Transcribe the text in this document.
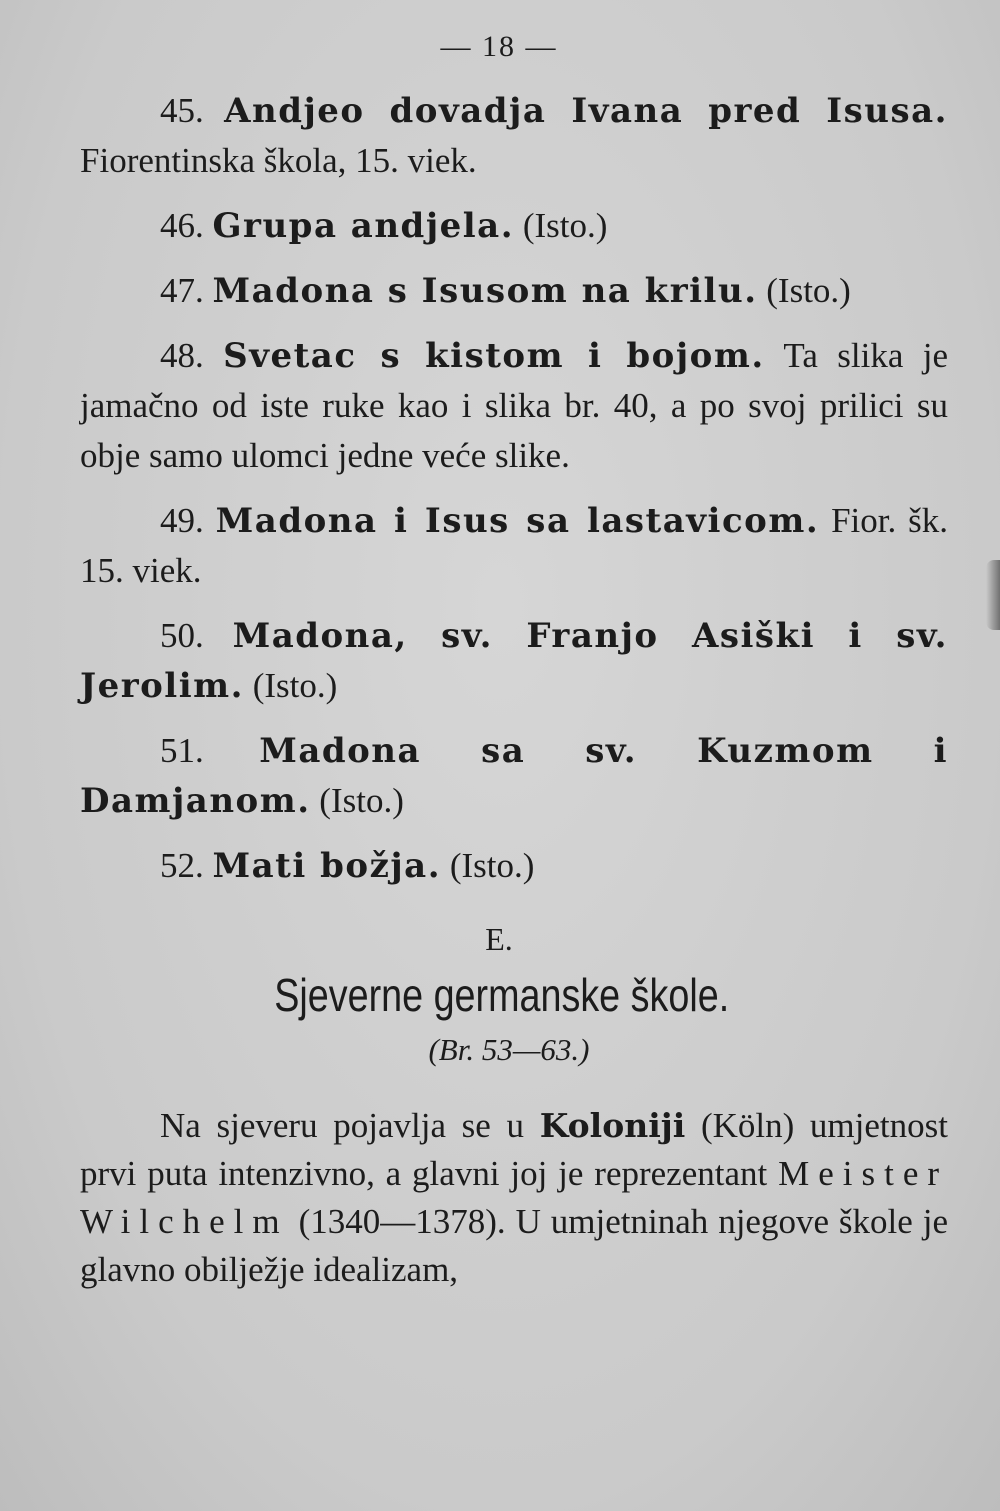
— 18 —

45. Andjeo dovadja Ivana pred Isusa. Fiorentinska škola, 15. viek.

46. Grupa andjela. (Isto.)

47. Madona s Isusom na krilu. (Isto.)

48. Svetac s kistom i bojom. Ta slika je jamačno od iste ruke kao i slika br. 40, a po svoj prilici su obje samo ulomci jedne veće slike.

49. Madona i Isus sa lastavicom. Fior. šk. 15. viek.

50. Madona, sv. Franjo Asiški i sv. Jerolim. (Isto.)

51. Madona sa sv. Kuzmom i Damjanom. (Isto.)

52. Mati božja. (Isto.)

E.
Sjeverne germanske škole.
(Br. 53—63.)

Na sjeveru pojavlja se u Koloniji (Köln) umjetnost prvi puta intenzivno, a glavni joj je reprezentant Meister Wilchelm (1340—1378). U umjetninah njegove škole je glavno obilježje idealizam,
